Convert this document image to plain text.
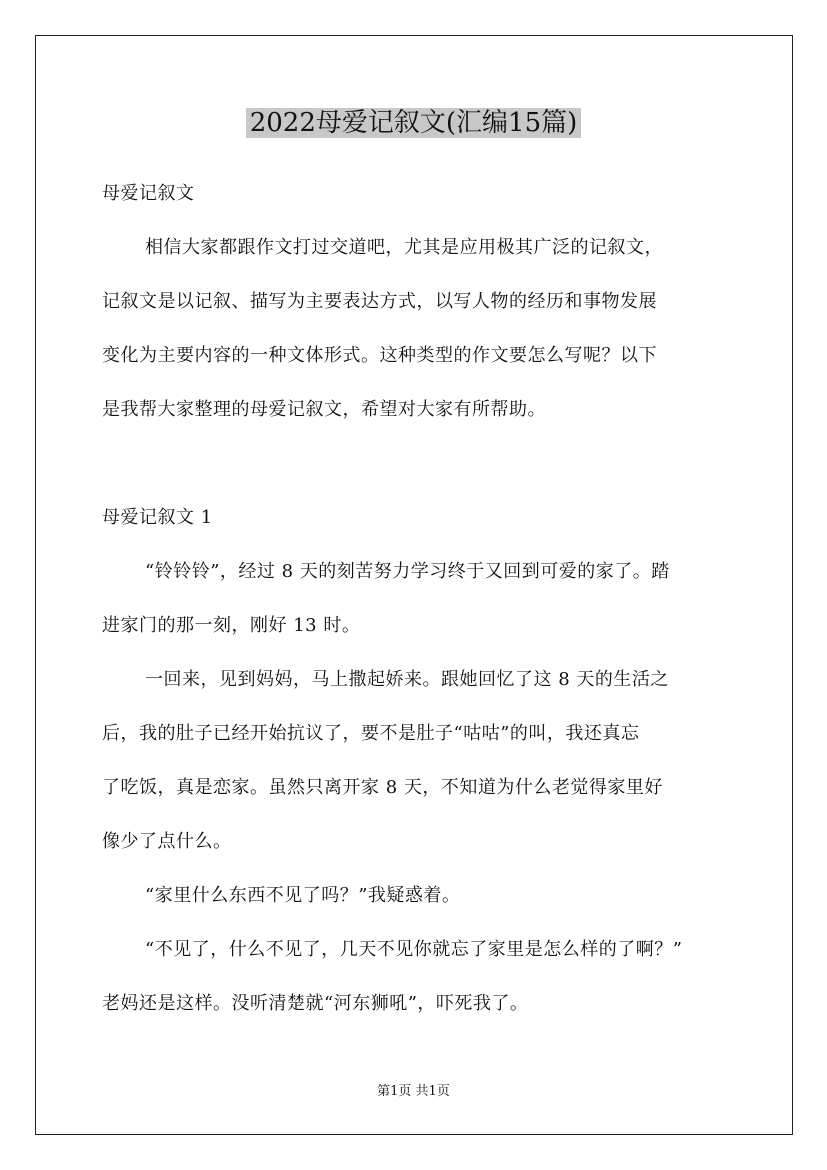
2022母爱记叙文(汇编15篇)

母爱记叙文

相信大家都跟作文打过交道吧，尤其是应用极其广泛的记叙文，

记叙文是以记叙、描写为主要表达方式，以写人物的经历和事物发展

变化为主要内容的一种文体形式。这种类型的作文要怎么写呢？以下

是我帮大家整理的母爱记叙文，希望对大家有所帮助。

母爱记叙文 1

“铃铃铃”，经过 8 天的刻苦努力学习终于又回到可爱的家了。踏

进家门的那一刻，刚好 13 时。

一回来，见到妈妈，马上撒起娇来。跟她回忆了这 8 天的生活之

后，我的肚子已经开始抗议了，要不是肚子“咕咕”的叫，我还真忘

了吃饭，真是恋家。虽然只离开家 8 天，不知道为什么老觉得家里好

像少了点什么。

“家里什么东西不见了吗？”我疑惑着。

“不见了，什么不见了，几天不见你就忘了家里是怎么样的了啊？”

老妈还是这样。没听清楚就“河东狮吼”，吓死我了。

第1页 共1页
